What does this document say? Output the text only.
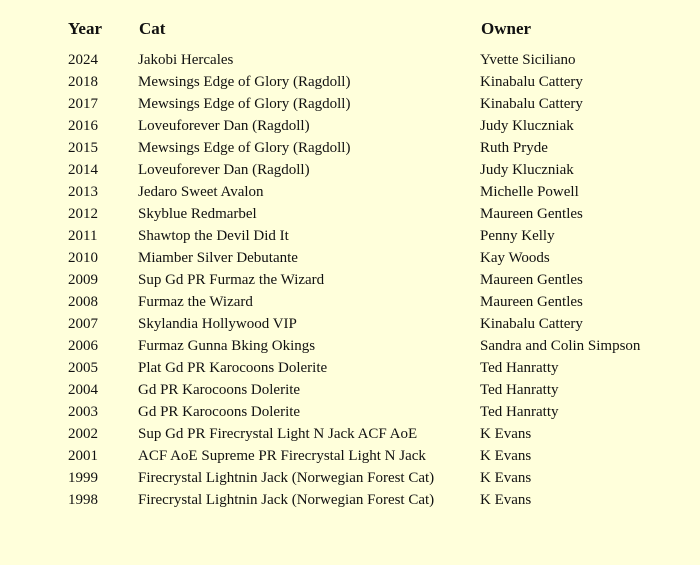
Year	Cat	Owner
2024	Jakobi Hercales	Yvette Siciliano
2018	Mewsings Edge of Glory (Ragdoll)	Kinabalu Cattery
2017	Mewsings Edge of Glory (Ragdoll)	Kinabalu Cattery
2016	Loveuforever Dan (Ragdoll)	Judy Kluczniak
2015	Mewsings Edge of Glory (Ragdoll)	Ruth Pryde
2014	Loveuforever Dan (Ragdoll)	Judy Kluczniak
2013	Jedaro Sweet Avalon	Michelle Powell
2012	Skyblue Redmarbel	Maureen Gentles
2011	Shawtop the Devil Did It	Penny Kelly
2010	Miamber Silver Debutante	Kay Woods
2009	Sup Gd PR Furmaz the Wizard	Maureen Gentles
2008	Furmaz the Wizard	Maureen Gentles
2007	Skylandia Hollywood VIP	Kinabalu Cattery
2006	Furmaz Gunna Bking Okings	Sandra and Colin Simpson
2005	Plat Gd PR Karocoons Dolerite	Ted Hanratty
2004	Gd PR Karocoons Dolerite	Ted Hanratty
2003	Gd PR Karocoons Dolerite	Ted Hanratty
2002	Sup Gd PR Firecrystal Light N Jack ACF AoE	K Evans
2001	ACF AoE Supreme PR Firecrystal Light N Jack	K Evans
1999	Firecrystal Lightnin Jack (Norwegian Forest Cat)	K Evans
1998	Firecrystal Lightnin Jack (Norwegian Forest Cat)	K Evans
